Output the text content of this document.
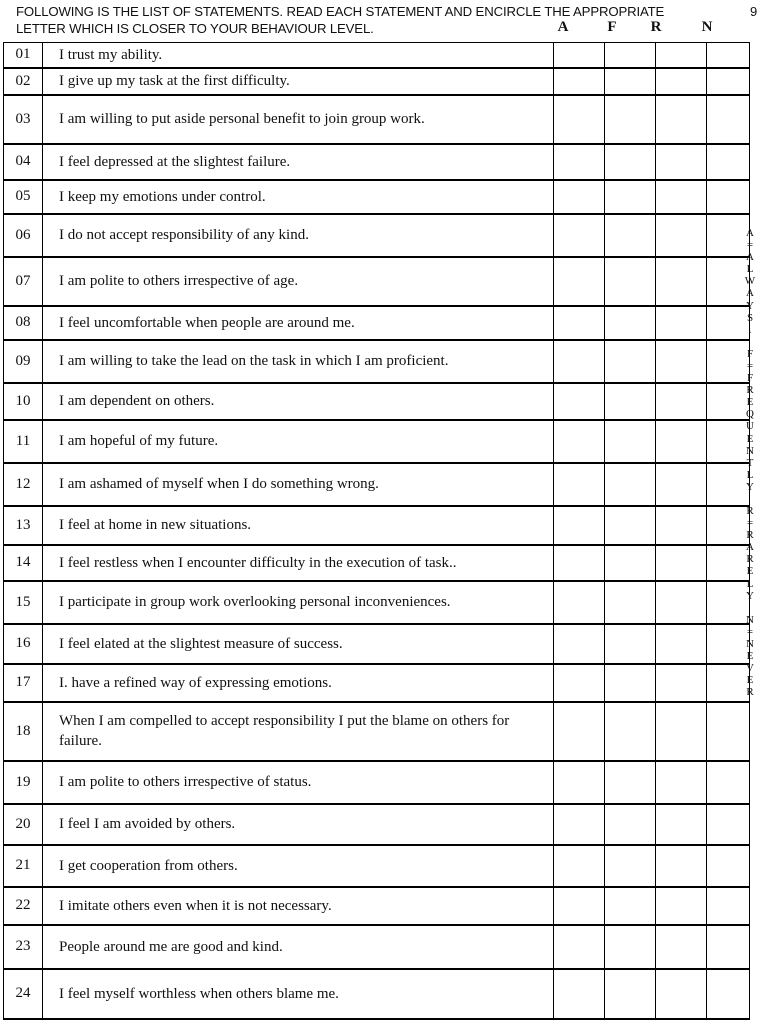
FOLLOWING IS THE LIST OF STATEMENTS. READ EACH STATEMENT AND ENCIRCLE THE APPROPRIATE
LETTER WHICH IS CLOSER TO YOUR BEHAVIOUR LEVEL.
9
A	F	R	N
01	I trust my ability.				
02	I give up my task at the first difficulty.				
03	I am willing to put aside personal benefit to join group work.				
04	I feel depressed at the slightest failure.				
05	I keep my emotions under control.				
06	I do not accept responsibility of any kind.				
07	I am polite to others irrespective of age.				
08	I feel uncomfortable when people are around me.				
09	I am willing to take the lead on the task in which I am proficient.				
10	I am dependent on others.				
11	I am hopeful of my future.				
12	I am ashamed of myself when I do something wrong.				
13	I feel at home in new situations.				
14	I feel restless when I encounter difficulty in the execution of task..				
15	I participate in group work overlooking personal inconveniences.				
16	I feel elated at the slightest measure of success.				
17	I. have a refined way of expressing emotions.				
18	When I am compelled to accept responsibility I put the blame on others for failure.				
19	I am polite to others irrespective of status.				
20	I feel I am avoided by others.				
21	I get cooperation from others.				
22	I imitate others even when it is not necessary.				
23	People around me are good and kind.				
24	I feel myself worthless when others blame me.				
A
=
A
L
W
A
Y
S
.
F
=
F
R
E
Q
U
E
N
T
L
Y
R
=
R
A
R
E
L
Y
N
=
N
E
V
E
R
